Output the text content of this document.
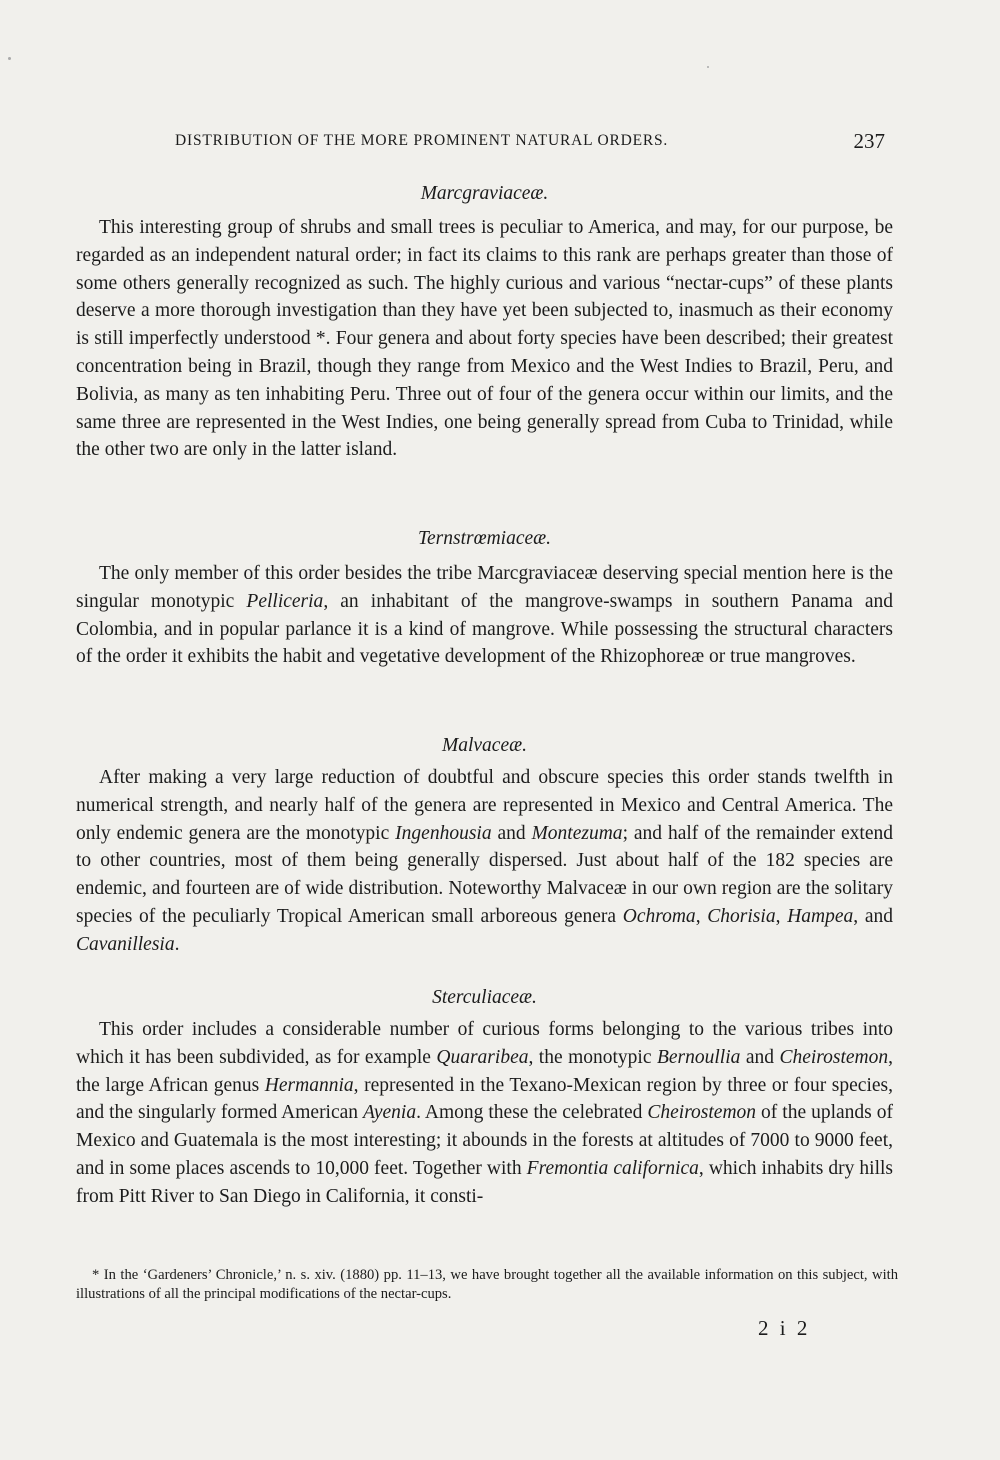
DISTRIBUTION OF THE MORE PROMINENT NATURAL ORDERS.	237
Marcgraviaceæ.

This interesting group of shrubs and small trees is peculiar to America, and may, for our purpose, be regarded as an independent natural order; in fact its claims to this rank are perhaps greater than those of some others generally recognized as such. The highly curious and various “nectar-cups” of these plants deserve a more thorough investigation than they have yet been subjected to, inasmuch as their economy is still imperfectly understood *. Four genera and about forty species have been described; their greatest concentration being in Brazil, though they range from Mexico and the West Indies to Brazil, Peru, and Bolivia, as many as ten inhabiting Peru. Three out of four of the genera occur within our limits, and the same three are represented in the West Indies, one being generally spread from Cuba to Trinidad, while the other two are only in the latter island.

Ternstrœmiaceæ.

The only member of this order besides the tribe Marcgraviaceæ deserving special mention here is the singular monotypic Pelliceria, an inhabitant of the mangrove-swamps in southern Panama and Colombia, and in popular parlance it is a kind of mangrove. While possessing the structural characters of the order it exhibits the habit and vegetative development of the Rhizophoreæ or true mangroves.

Malvaceæ.

After making a very large reduction of doubtful and obscure species this order stands twelfth in numerical strength, and nearly half of the genera are represented in Mexico and Central America. The only endemic genera are the monotypic Ingenhousia and Montezuma; and half of the remainder extend to other countries, most of them being generally dispersed. Just about half of the 182 species are endemic, and fourteen are of wide distribution. Noteworthy Malvaceæ in our own region are the solitary species of the peculiarly Tropical American small arboreous genera Ochroma, Chorisia, Hampea, and Cavanillesia.

Sterculiaceæ.

This order includes a considerable number of curious forms belonging to the various tribes into which it has been subdivided, as for example Quararibea, the monotypic Bernoullia and Cheirostemon, the large African genus Hermannia, represented in the Texano-Mexican region by three or four species, and the singularly formed American Ayenia. Among these the celebrated Cheirostemon of the uplands of Mexico and Guatemala is the most interesting; it abounds in the forests at altitudes of 7000 to 9000 feet, and in some places ascends to 10,000 feet. Together with Fremontia californica, which inhabits dry hills from Pitt River to San Diego in California, it consti-

* In the ‘Gardeners’ Chronicle,’ n. s. xiv. (1880) pp. 11–13, we have brought together all the available information on this subject, with illustrations of all the principal modifications of the nectar-cups.

2 i 2
